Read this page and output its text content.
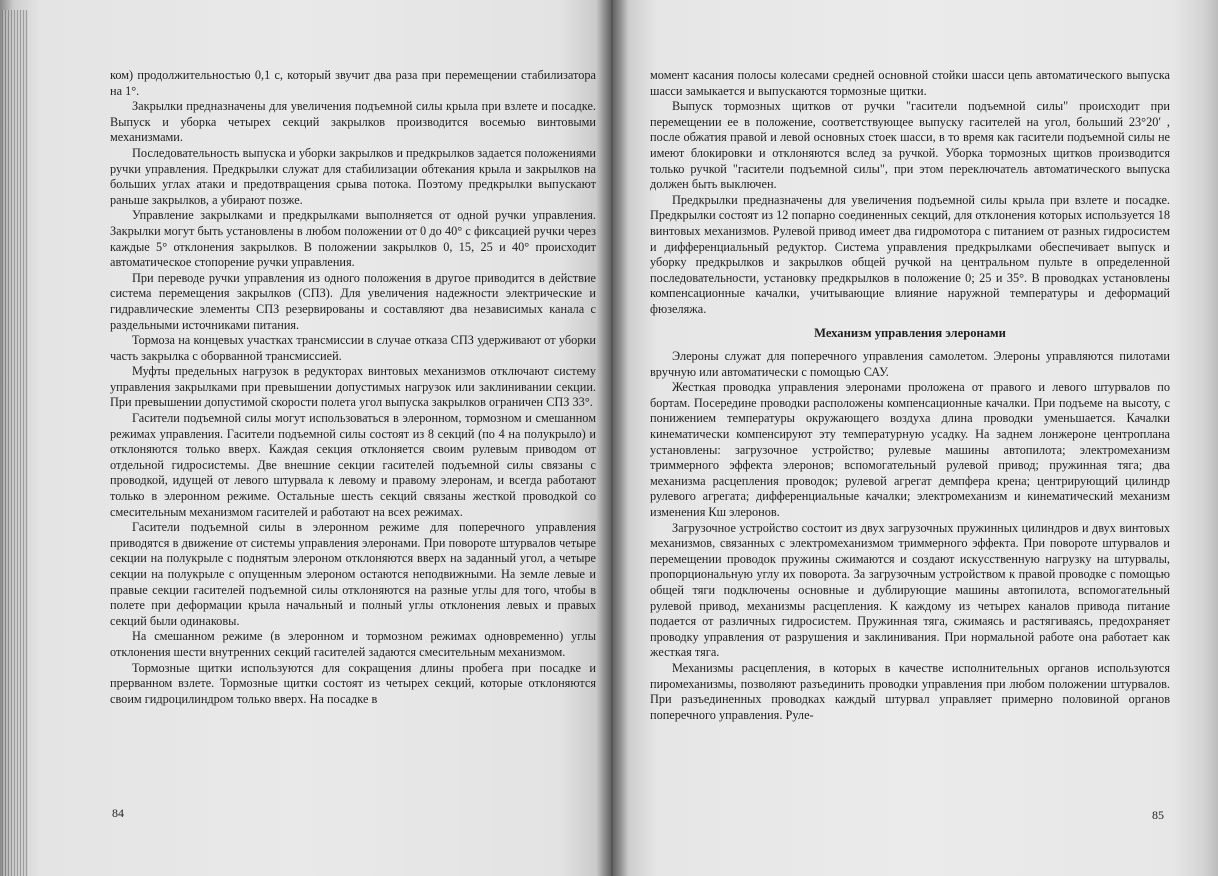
ком) продолжительностью 0,1 с, который звучит два раза при перемещении стабилизатора на 1°.

Закрылки предназначены для увеличения подъемной силы крыла при взлете и посадке. Выпуск и уборка четырех секций закрылков производится восемью винтовыми механизмами.

Последовательность выпуска и уборки закрылков и предкрылков задается положениями ручки управления. Предкрылки служат для стабилизации обтекания крыла и закрылков на больших углах атаки и предотвращения срыва потока. Поэтому предкрылки выпускают раньше закрылков, а убирают позже.

Управление закрылками и предкрылками выполняется от одной ручки управления. Закрылки могут быть установлены в любом положении от 0 до 40° с фиксацией ручки через каждые 5° отклонения закрылков. В положении закрылков 0, 15, 25 и 40° происходит автоматическое стопорение ручки управления.

При переводе ручки управления из одного положения в другое приводится в действие система перемещения закрылков (СПЗ). Для увеличения надежности электрические и гидравлические элементы СПЗ резервированы и составляют два независимых канала с раздельными источниками питания.

Тормоза на концевых участках трансмиссии в случае отказа СПЗ удерживают от уборки часть закрылка с оборванной трансмиссией.

Муфты предельных нагрузок в редукторах винтовых механизмов отключают систему управления закрылками при превышении допустимых нагрузок или заклинивании секции. При превышении допустимой скорости полета угол выпуска закрылков ограничен СПЗ 33°.

Гасители подъемной силы могут использоваться в элеронном, тормозном и смешанном режимах управления. Гасители подъемной силы состоят из 8 секций (по 4 на полукрыло) и отклоняются только вверх. Каждая секция отклоняется своим рулевым приводом от отдельной гидросистемы. Две внешние секции гасителей подъемной силы связаны с проводкой, идущей от левого штурвала к левому и правому элеронам, и всегда работают только в элеронном режиме. Остальные шесть секций связаны жесткой проводкой со смесительным механизмом гасителей и работают на всех режимах.

Гасители подъемной силы в элеронном режиме для поперечного управления приводятся в движение от системы управления элеронами. При повороте штурвалов четыре секции на полукрыле с поднятым элероном отклоняются вверх на заданный угол, а четыре секции на полукрыле с опущенным элероном остаются неподвижными. На земле левые и правые секции гасителей подъемной силы отклоняются на разные углы для того, чтобы в полете при деформации крыла начальный и полный углы отклонения левых и правых секций были одинаковы.

На смешанном режиме (в элеронном и тормозном режимах одновременно) углы отклонения шести внутренних секций гасителей задаются смесительным механизмом.

Тормозные щитки используются для сокращения длины пробега при посадке и прерванном взлете. Тормозные щитки состоят из четырех секций, которые отклоняются своим гидроцилиндром только вверх. На посадке в

84

момент касания полосы колесами средней основной стойки шасси цепь автоматического выпуска шасси замыкается и выпускаются тормозные щитки.

Выпуск тормозных щитков от ручки "гасители подъемной силы" происходит при перемещении ее в положение, соответствующее выпуску гасителей на угол, больший 23°20′ , после обжатия правой и левой основных стоек шасси, в то время как гасители подъемной силы не имеют блокировки и отклоняются вслед за ручкой. Уборка тормозных щитков производится только ручкой "гасители подъемной силы", при этом переключатель автоматического выпуска должен быть выключен.

Предкрылки предназначены для увеличения подъемной силы крыла при взлете и посадке. Предкрылки состоят из 12 попарно соединенных секций, для отклонения которых используется 18 винтовых механизмов. Рулевой привод имеет два гидромотора с питанием от разных гидросистем и дифференциальный редуктор. Система управления предкрылками обеспечивает выпуск и уборку предкрылков и закрылков общей ручкой на центральном пульте в определенной последовательности, установку предкрылков в положение 0; 25 и 35°. В проводках установлены компенсационные качалки, учитывающие влияние наружной температуры и деформаций фюзеляжа.

Механизм управления элеронами

Элероны служат для поперечного управления самолетом. Элероны управляются пилотами вручную или автоматически с помощью САУ.

Жесткая проводка управления элеронами проложена от правого и левого штурвалов по бортам. Посередине проводки расположены компенсационные качалки. При подъеме на высоту, с понижением температуры окружающего воздуха длина проводки уменьшается. Качалки кинематически компенсируют эту температурную усадку. На заднем лонжероне центроплана установлены: загрузочное устройство; рулевые машины автопилота; электромеханизм триммерного эффекта элеронов; вспомогательный рулевой привод; пружинная тяга; два механизма расцепления проводок; рулевой агрегат демпфера крена; центрирующий цилиндр рулевого агрегата; дифференциальные качалки; электромеханизм и кинематический механизм изменения Кш элеронов.

Загрузочное устройство состоит из двух загрузочных пружинных цилиндров и двух винтовых механизмов, связанных с электромеханизмом триммерного эффекта. При повороте штурвалов и перемещении проводок пружины сжимаются и создают искусственную нагрузку на штурвалы, пропорциональную углу их поворота. За загрузочным устройством к правой проводке с помощью общей тяги подключены основные и дублирующие машины автопилота, вспомогательный рулевой привод, механизмы расцепления. К каждому из четырех каналов привода питание подается от различных гидросистем. Пружинная тяга, сжимаясь и растягиваясь, предохраняет проводку управления от разрушения и заклинивания. При нормальной работе она работает как жесткая тяга.

Механизмы расцепления, в которых в качестве исполнительных органов используются пиромеханизмы, позволяют разъединить проводки управления при любом положении штурвалов. При разъединенных проводках каждый штурвал управляет примерно половиной органов поперечного управления. Руле-

85
